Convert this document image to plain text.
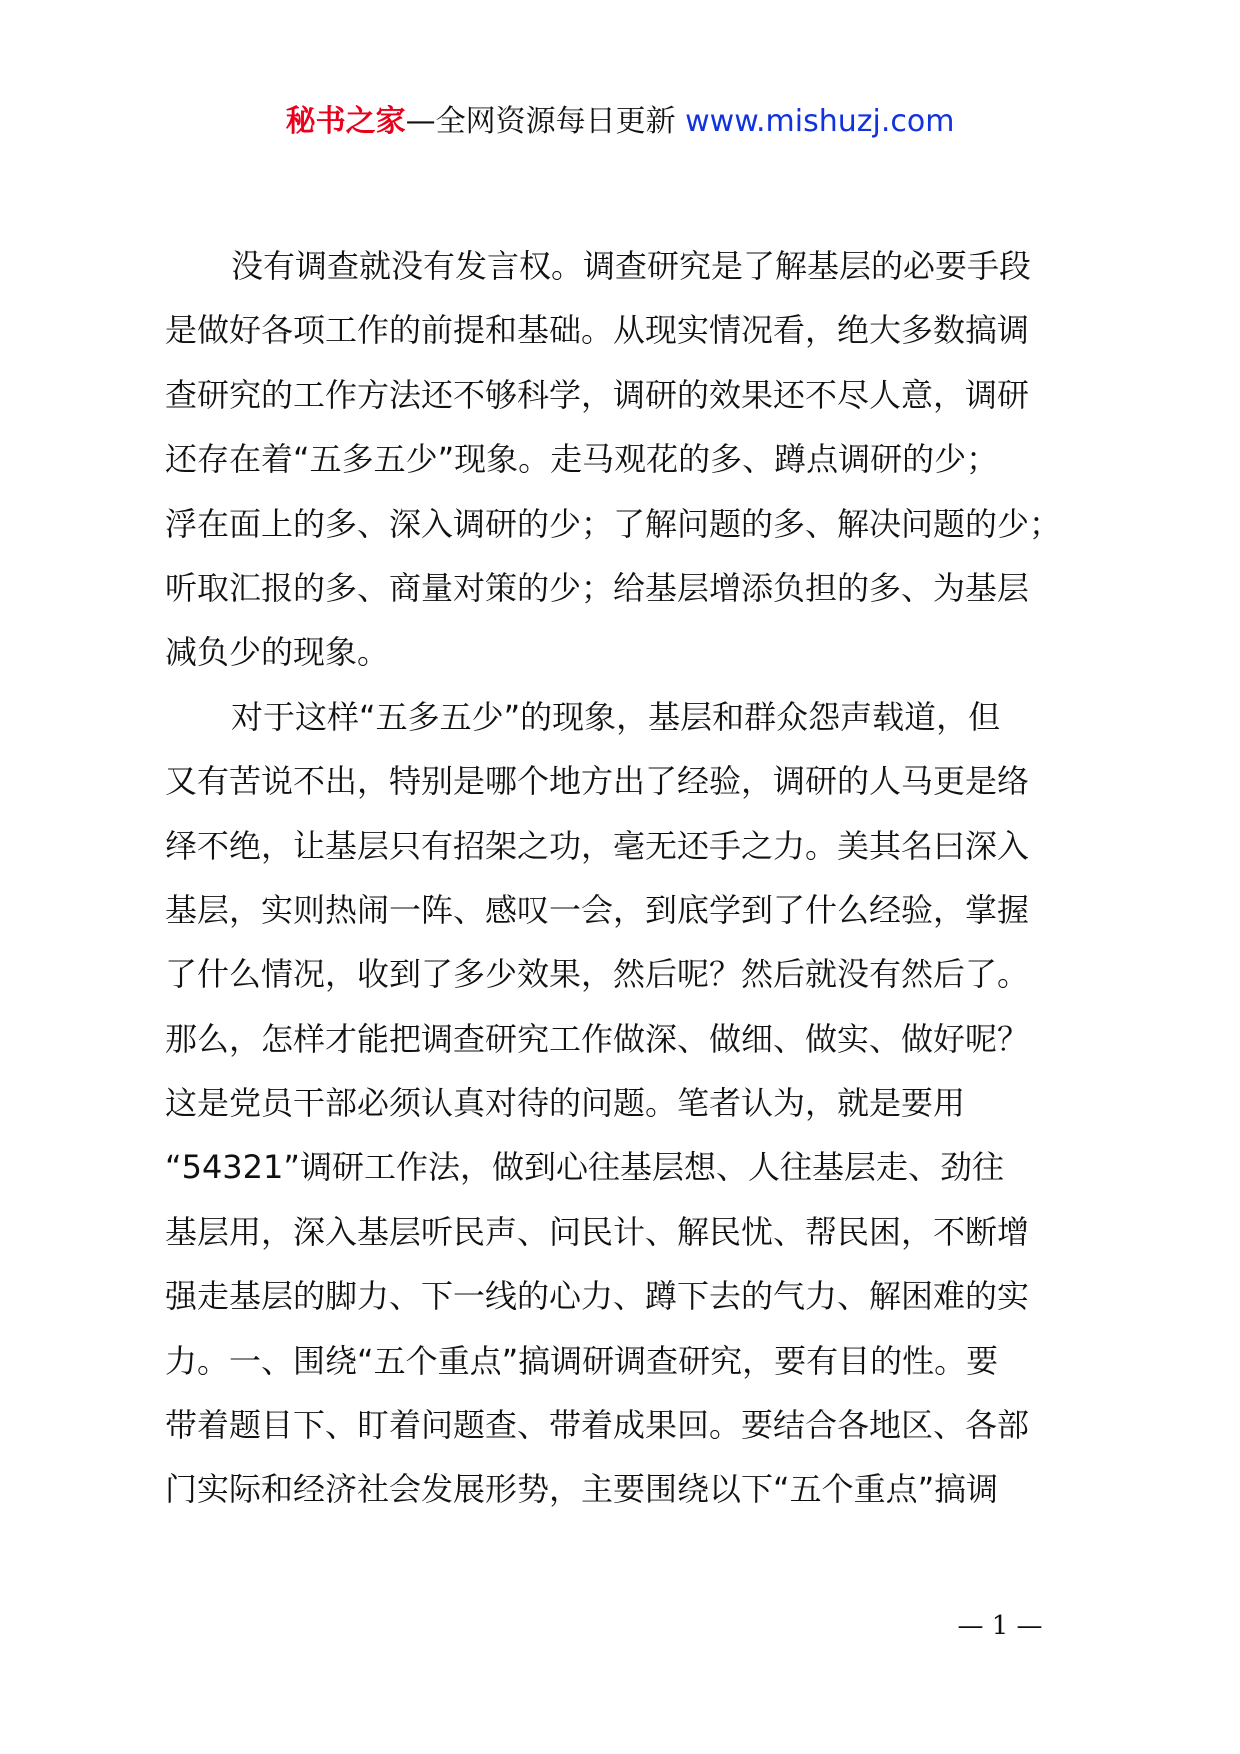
秘书之家—全网资源每日更新 www.mishuzj.com
没有调查就没有发言权。调查研究是了解基层的必要手段
是做好各项工作的前提和基础。从现实情况看，绝大多数搞调
查研究的工作方法还不够科学，调研的效果还不尽人意，调研
还存在着“五多五少”现象。走马观花的多、蹲点调研的少；
浮在面上的多、深入调研的少；了解问题的多、解决问题的少；
听取汇报的多、商量对策的少；给基层增添负担的多、为基层
减负少的现象。
对于这样“五多五少”的现象，基层和群众怨声载道，但
又有苦说不出，特别是哪个地方出了经验，调研的人马更是络
绎不绝，让基层只有招架之功，毫无还手之力。美其名曰深入
基层，实则热闹一阵、感叹一会，到底学到了什么经验，掌握
了什么情况，收到了多少效果，然后呢？然后就没有然后了。
那么，怎样才能把调查研究工作做深、做细、做实、做好呢？
这是党员干部必须认真对待的问题。笔者认为，就是要用
“54321”调研工作法，做到心往基层想、人往基层走、劲往
基层用，深入基层听民声、问民计、解民忧、帮民困，不断增
强走基层的脚力、下一线的心力、蹲下去的气力、解困难的实
力。一、围绕“五个重点”搞调研调查研究，要有目的性。要
带着题目下、盯着问题查、带着成果回。要结合各地区、各部
门实际和经济社会发展形势，主要围绕以下“五个重点”搞调
— 1 —
